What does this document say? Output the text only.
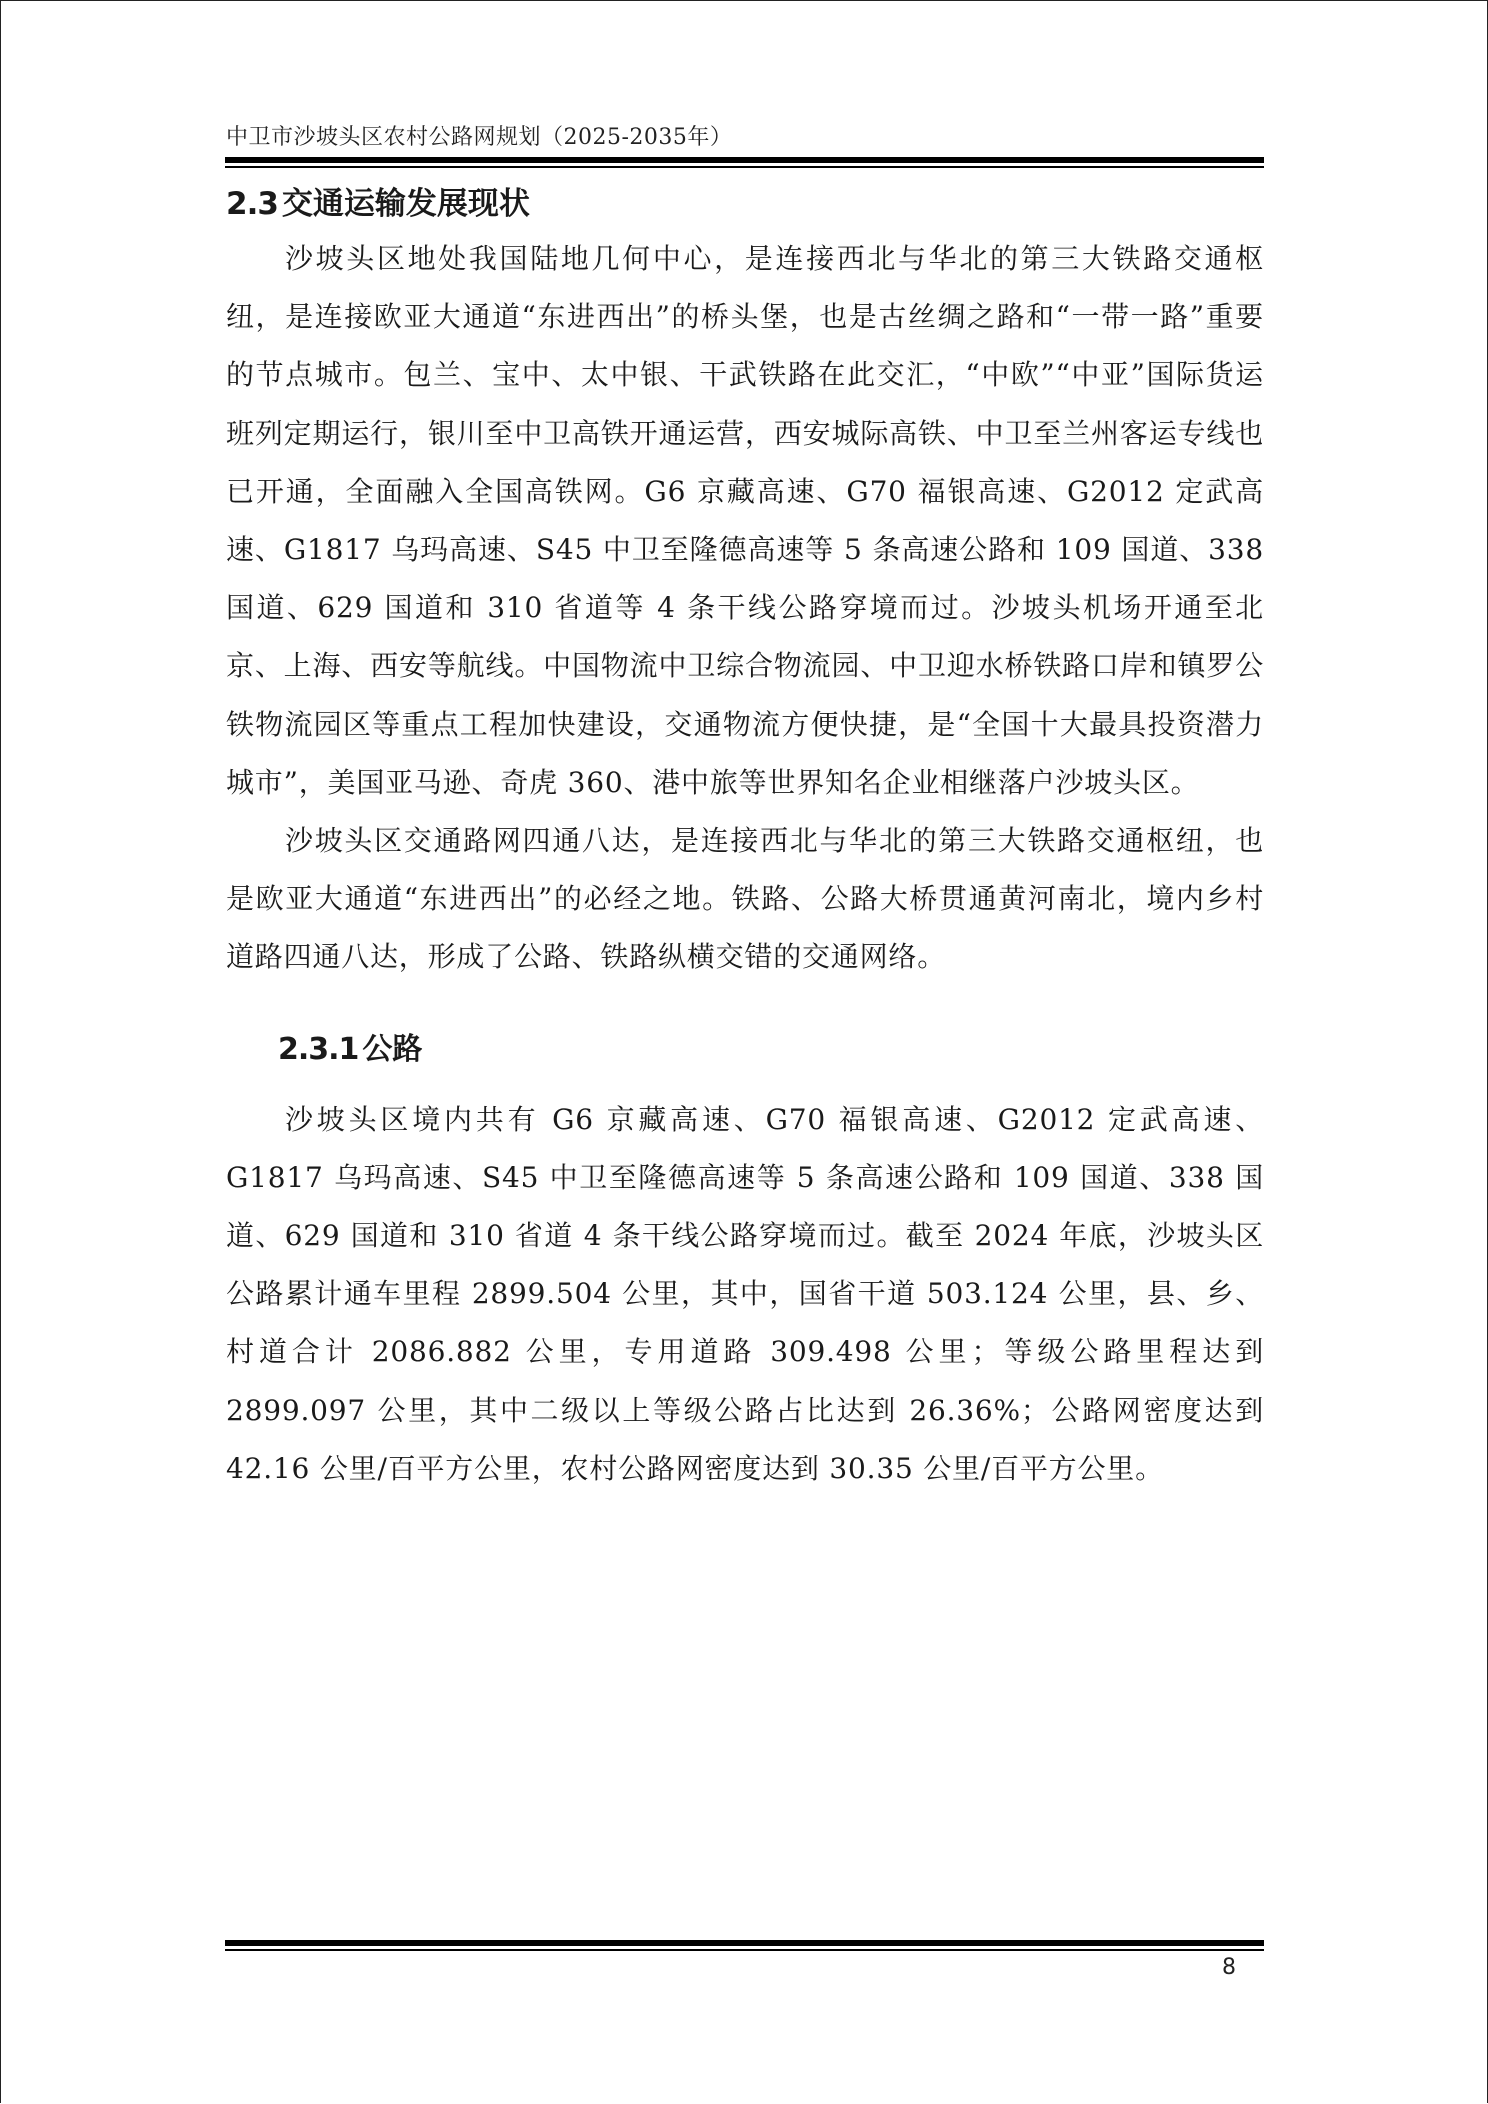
中卫市沙坡头区农村公路网规划（2025-2035年）
2.3 交通运输发展现状

沙坡头区地处我国陆地几何中心，是连接西北与华北的第三大铁路交通枢纽，是连接欧亚大通道“东进西出”的桥头堡，也是古丝绸之路和“一带一路”重要的节点城市。包兰、宝中、太中银、干武铁路在此交汇，“中欧”“中亚”国际货运班列定期运行，银川至中卫高铁开通运营，西安城际高铁、中卫至兰州客运专线也已开通，全面融入全国高铁网。G6 京藏高速、G70 福银高速、G2012 定武高速、G1817 乌玛高速、S45 中卫至隆德高速等 5 条高速公路和 109 国道、338 国道、629 国道和 310 省道等 4 条干线公路穿境而过。沙坡头机场开通至北京、上海、西安等航线。中国物流中卫综合物流园、中卫迎水桥铁路口岸和镇罗公铁物流园区等重点工程加快建设，交通物流方便快捷，是“全国十大最具投资潜力城市”，美国亚马逊、奇虎 360、港中旅等世界知名企业相继落户沙坡头区。

沙坡头区交通路网四通八达，是连接西北与华北的第三大铁路交通枢纽，也是欧亚大通道“东进西出”的必经之地。铁路、公路大桥贯通黄河南北，境内乡村道路四通八达，形成了公路、铁路纵横交错的交通网络。

2.3.1 公路

沙坡头区境内共有 G6 京藏高速、G70 福银高速、G2012 定武高速、G1817 乌玛高速、S45 中卫至隆德高速等 5 条高速公路和 109 国道、338 国道、629 国道和 310 省道 4 条干线公路穿境而过。截至 2024 年底，沙坡头区公路累计通车里程 2899.504 公里，其中，国省干道 503.124 公里，县、乡、村道合计 2086.882 公里，专用道路 309.498 公里；等级公路里程达到 2899.097 公里，其中二级以上等级公路占比达到 26.36%；公路网密度达到 42.16 公里/百平方公里，农村公路网密度达到 30.35 公里/百平方公里。

8
